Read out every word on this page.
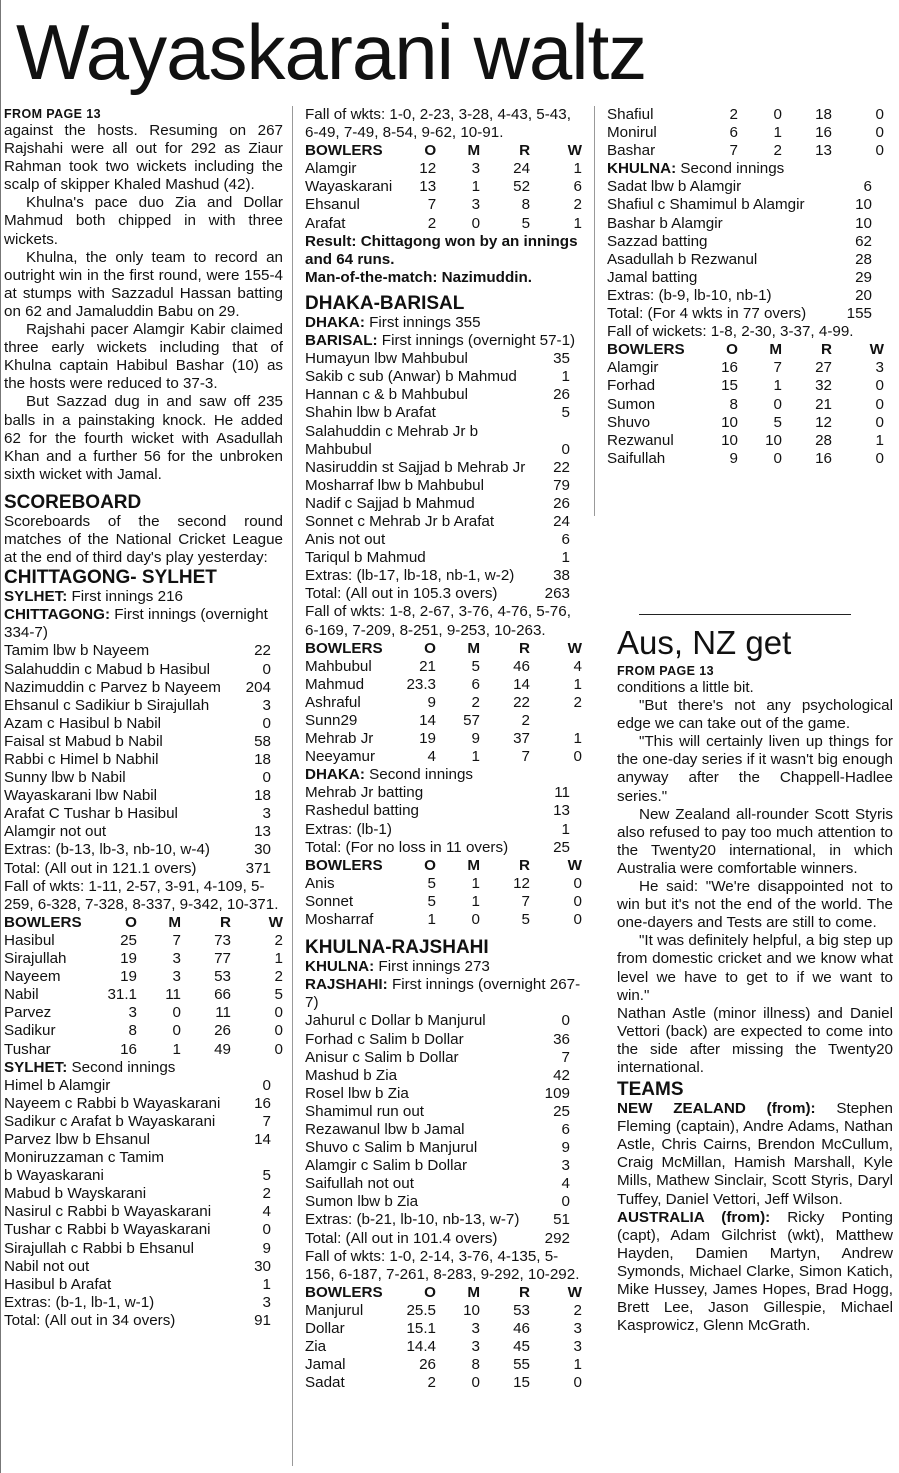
Wayaskarani waltz
FROM PAGE 13

against the hosts. Resuming on 267 Rajshahi were all out for 292 as Ziaur Rahman took two wickets including the scalp of skipper Khaled Mashud (42).

Khulna's pace duo Zia and Dollar Mahmud both chipped in with three wickets.

Khulna, the only team to record an outright win in the first round, were 155-4 at stumps with Sazzadul Hassan batting on 62 and Jamaluddin Babu on 29.

Rajshahi pacer Alamgir Kabir claimed three early wickets including that of Khulna captain Habibul Bashar (10) as the hosts were reduced to 37-3.

But Sazzad dug in and saw off 235 balls in a painstaking knock. He added 62 for the fourth wicket with Asadullah Khan and a further 56 for the unbroken sixth wicket with Jamal.

SCOREBOARD

Scoreboards of the second round matches of the National Cricket League at the end of third day's play yesterday:

CHITTAGONG- SYLHET
SYLHET: First innings 216
CHITTAGONG: First innings (overnight 334-7)
Tamim lbw b Nayeem	22
Salahuddin c Mabud b Hasibul	0
Nazimuddin c Parvez b Nayeem	204
Ehsanul c Sadikiur b Sirajullah	3
Azam c Hasibul b Nabil	0
Faisal st Mabud b Nabil	58
Rabbi c Himel b Nabhil	18
Sunny lbw b Nabil	0
Wayaskarani lbw Nabil	18
Arafat C Tushar b Hasibul	3
Alamgir not out	13
Extras: (b-13, lb-3, nb-10, w-4)	30
Total: (All out in 121.1 overs)	371
Fall of wkts: 1-11, 2-57, 3-91, 4-109, 5-259, 6-328, 7-328, 8-337, 9-342, 10-371.
BOWLERS	O	M	R	W
Hasibul	25	7	73	2
Sirajullah	19	3	77	1
Nayeem	19	3	53	2
Nabil	31.1	11	66	5
Parvez	3	0	11	0
Sadikur	8	0	26	0
Tushar	16	1	49	0
SYLHET: Second innings
Himel b Alamgir	0
Nayeem c Rabbi b Wayaskarani	16
Sadikur c Arafat b Wayaskarani	7
Parvez lbw b Ehsanul	14
Moniruzzaman c Tamim
b Wayaskarani	5
Mabud b Wayskarani	2
Nasirul c Rabbi b Wayaskarani	4
Tushar c Rabbi b Wayaskarani	0
Sirajullah c Rabbi b Ehsanul	9
Nabil not out	30
Hasibul b Arafat	1
Extras: (b-1, lb-1, w-1)	3
Total: (All out in 34 overs)	91
Fall of wkts: 1-0, 2-23, 3-28, 4-43, 5-43, 6-49, 7-49, 8-54, 9-62, 10-91.
BOWLERS	O	M	R	W
Alamgir	12	3	24	1
Wayaskarani	13	1	52	6
Ehsanul	7	3	8	2
Arafat	2	0	5	1
Result: Chittagong won by an innings and 64 runs.
Man-of-the-match: Nazimuddin.
DHAKA-BARISAL
DHAKA: First innings 355
BARISAL: First innings (overnight 57-1)
Humayun lbw Mahbubul	35
Sakib c sub (Anwar) b Mahmud	1
Hannan c & b Mahbubul	26
Shahin lbw b Arafat	5
Salahuddin c Mehrab Jr b
Mahbubul	0
Nasiruddin st Sajjad b Mehrab Jr	22
Mosharraf lbw b Mahbubul	79
Nadif c Sajjad b Mahmud	26
Sonnet c Mehrab Jr b Arafat	24
Anis not out	6
Tariqul b Mahmud	1
Extras: (lb-17, lb-18, nb-1, w-2)	38
Total: (All out in 105.3 overs)	263
Fall of wkts: 1-8, 2-67, 3-76, 4-76, 5-76, 6-169, 7-209, 8-251, 9-253, 10-263.
BOWLERS	O	M	R	W
Mahbubul	21	5	46	4
Mahmud	23.3	6	14	1
Ashraful	9	2	22	2
Sunn29	14	57	2	
Mehrab Jr	19	9	37	1
Neeyamur	4	1	7	0
DHAKA: Second innings
Mehrab Jr batting	11
Rashedul batting	13
Extras: (lb-1)	1
Total: (For no loss in 11 overs)	25
BOWLERS	O	M	R	W
Anis	5	1	12	0
Sonnet	5	1	7	0
Mosharraf	1	0	5	0
KHULNA-RAJSHAHI
KHULNA: First innings 273
RAJSHAHI: First innings (overnight 267-7)
Jahurul c Dollar b Manjurul	0
Forhad c Salim b Dollar	36
Anisur c Salim b Dollar	7
Mashud b Zia	42
Rosel lbw b Zia	109
Shamimul run out	25
Rezawanul lbw b Jamal	6
Shuvo c Salim b Manjurul	9
Alamgir c Salim b Dollar	3
Saifullah not out	4
Sumon lbw b Zia	0
Extras: (b-21, lb-10, nb-13, w-7)	51
Total: (All out in 101.4 overs)	292
Fall of wkts: 1-0, 2-14, 3-76, 4-135, 5-156, 6-187, 7-261, 8-283, 9-292, 10-292.
BOWLERS	O	M	R	W
Manjurul	25.5	10	53	2
Dollar	15.1	3	46	3
Zia	14.4	3	45	3
Jamal	26	8	55	1
Sadat	2	0	15	0
Shafiul	2	0	18	0
Monirul	6	1	16	0
Bashar	7	2	13	0
KHULNA: Second innings
Sadat lbw b Alamgir	6
Shafiul c Shamimul b Alamgir	10
Bashar b Alamgir	10
Sazzad batting	62
Asadullah b Rezwanul	28
Jamal batting	29
Extras: (b-9, lb-10, nb-1)	20
Total: (For 4 wkts in 77 overs)	155
Fall of wickets: 1-8, 2-30, 3-37, 4-99.
BOWLERS	O	M	R	W
Alamgir	16	7	27	3
Forhad	15	1	32	0
Sumon	8	0	21	0
Shuvo	10	5	12	0
Rezwanul	10	10	28	1
Saifullah	9	0	16	0
Aus, NZ get
FROM PAGE 13

conditions a little bit.

"But there's not any psychological edge we can take out of the game.

"This will certainly liven up things for the one-day series if it wasn't big enough anyway after the Chappell-Hadlee series."

New Zealand all-rounder Scott Styris also refused to pay too much attention to the Twenty20 international, in which Australia were comfortable winners.

He said: "We're disappointed not to win but it's not the end of the world. The one-dayers and Tests are still to come.

"It was definitely helpful, a big step up from domestic cricket and we know what level we have to get to if we want to win."

Nathan Astle (minor illness) and Daniel Vettori (back) are expected to come into the side after missing the Twenty20 international.

TEAMS

NEW ZEALAND (from): Stephen Fleming (captain), Andre Adams, Nathan Astle, Chris Cairns, Brendon McCullum, Craig McMillan, Hamish Marshall, Kyle Mills, Mathew Sinclair, Scott Styris, Daryl Tuffey, Daniel Vettori, Jeff Wilson.

AUSTRALIA (from): Ricky Ponting (capt), Adam Gilchrist (wkt), Matthew Hayden, Damien Martyn, Andrew Symonds, Michael Clarke, Simon Katich, Mike Hussey, James Hopes, Brad Hogg, Brett Lee, Jason Gillespie, Michael Kasprowicz, Glenn McGrath.
